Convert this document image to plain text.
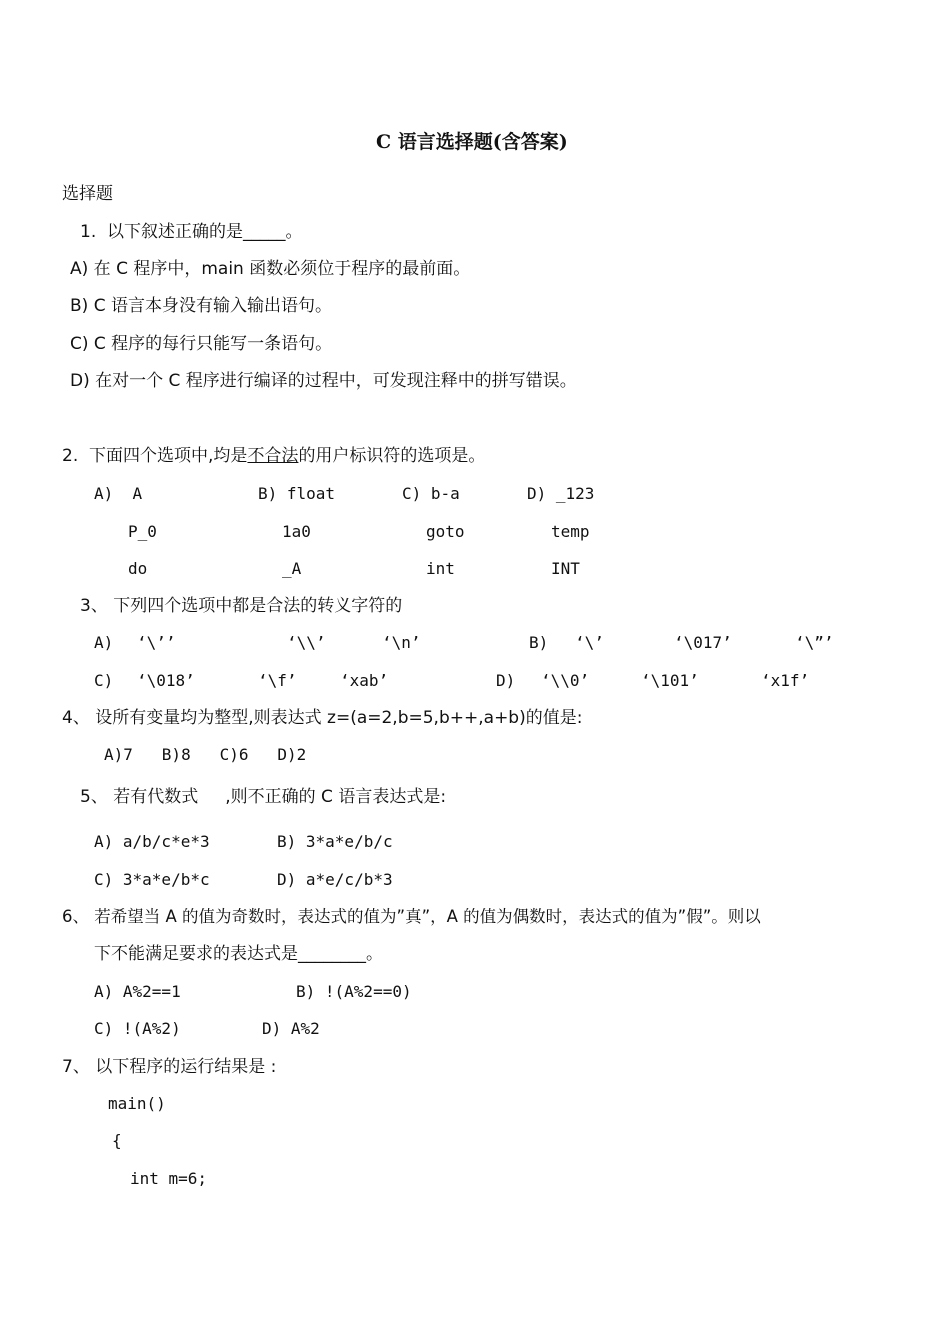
C 语言选择题(含答案)
选择题
1.  以下叙述正确的是_____。
A) 在 C 程序中，main 函数必须位于程序的最前面。
B) C 语言本身没有输入输出语句。
C) C 程序的每行只能写一条语句。
D) 在对一个 C 程序进行编译的过程中，可发现注释中的拼写错误。
2.  下面四个选项中,均是不合法的用户标识符的选项是。
A)  A	B) float	C) b-a	D) _123
P_0	1a0	goto	temp
do	_A	int	INT
3、 下列四个选项中都是合法的转义字符的
A) ‘\’’	‘\\’	‘\n’	B) ‘\’	‘\017’	‘\”’
C) ‘\018’	‘\f’	‘xab’	D) ‘\\0’	‘\101’	‘x1f’
4、 设所有变量均为整型,则表达式 z=(a=2,b=5,b++,a+b)的值是:
A)7   B)8   C)6   D)2
5、 若有代数式     ,则不正确的 C 语言表达式是:
A) a/b/c*e*3	B) 3*a*e/b/c
C) 3*a*e/b*c	D) a*e/c/b*3
6、 若希望当 A 的值为奇数时，表达式的值为”真”，A 的值为偶数时，表达式的值为”假”。则以
下不能满足要求的表达式是________。
A) A%2==1	B) !(A%2==0)
C) !(A%2)	D) A%2
7、 以下程序的运行结果是 :
main()
{
int m=6;
